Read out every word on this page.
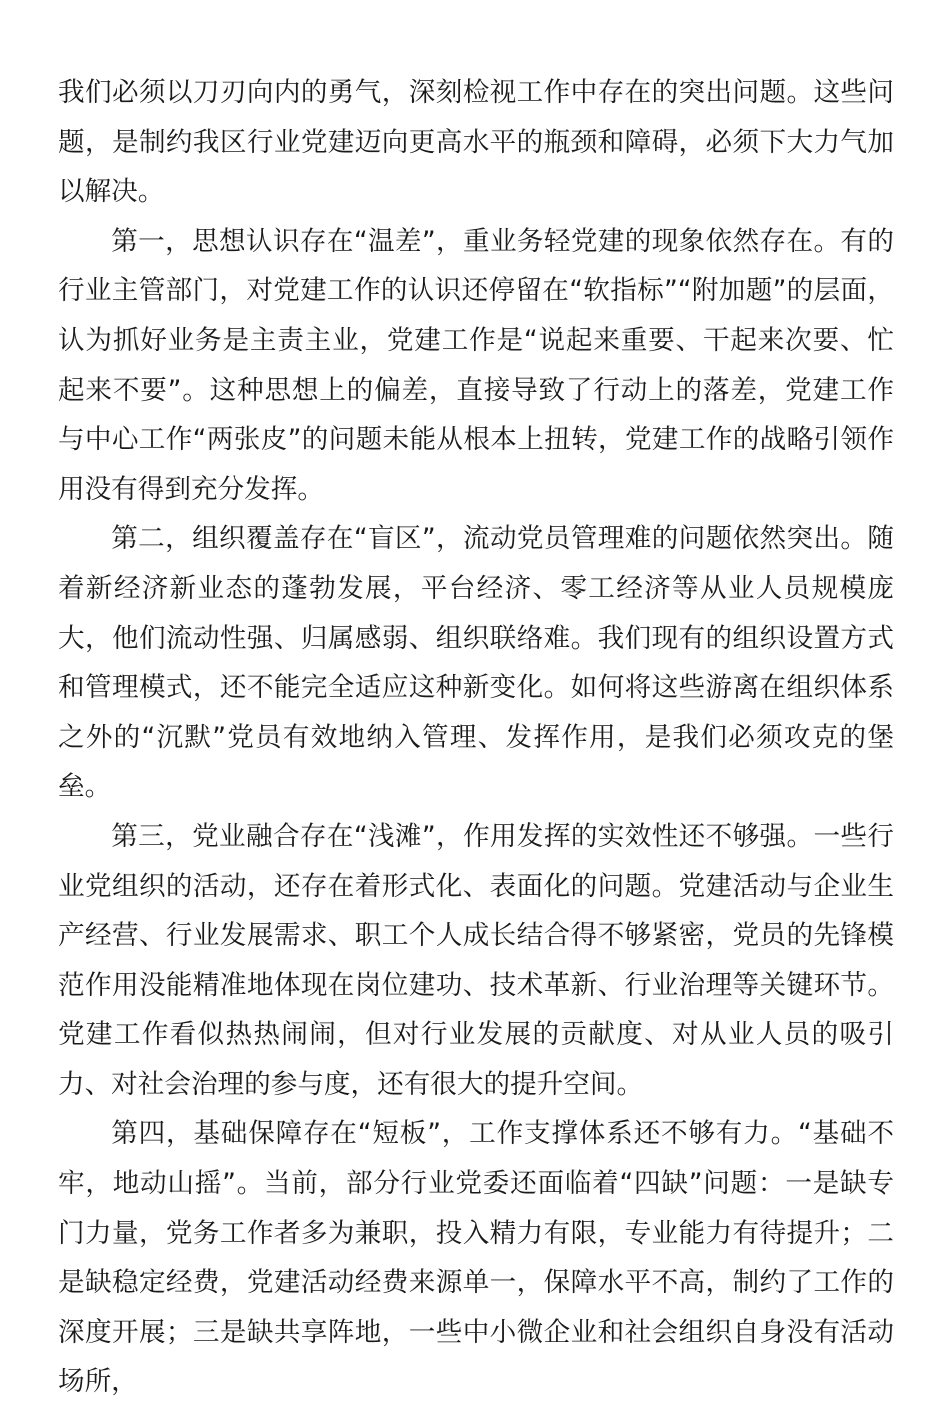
我们必须以刀刃向内的勇气，深刻检视工作中存在的突出问题。这些问题，是制约我区行业党建迈向更高水平的瓶颈和障碍，必须下大力气加以解决。

第一，思想认识存在“温差”，重业务轻党建的现象依然存在。有的行业主管部门，对党建工作的认识还停留在“软指标”“附加题”的层面，认为抓好业务是主责主业，党建工作是“说起来重要、干起来次要、忙起来不要”。这种思想上的偏差，直接导致了行动上的落差，党建工作与中心工作“两张皮”的问题未能从根本上扭转，党建工作的战略引领作用没有得到充分发挥。

第二，组织覆盖存在“盲区”，流动党员管理难的问题依然突出。随着新经济新业态的蓬勃发展，平台经济、零工经济等从业人员规模庞大，他们流动性强、归属感弱、组织联络难。我们现有的组织设置方式和管理模式，还不能完全适应这种新变化。如何将这些游离在组织体系之外的“沉默”党员有效地纳入管理、发挥作用，是我们必须攻克的堡垒。

第三，党业融合存在“浅滩”，作用发挥的实效性还不够强。一些行业党组织的活动，还存在着形式化、表面化的问题。党建活动与企业生产经营、行业发展需求、职工个人成长结合得不够紧密，党员的先锋模范作用没能精准地体现在岗位建功、技术革新、行业治理等关键环节。党建工作看似热热闹闹，但对行业发展的贡献度、对从业人员的吸引力、对社会治理的参与度，还有很大的提升空间。

第四，基础保障存在“短板”，工作支撑体系还不够有力。“基础不牢，地动山摇”。当前，部分行业党委还面临着“四缺”问题：一是缺专门力量，党务工作者多为兼职，投入精力有限，专业能力有待提升；二是缺稳定经费，党建活动经费来源单一，保障水平不高，制约了工作的深度开展；三是缺共享阵地，一些中小微企业和社会组织自身没有活动场所，
